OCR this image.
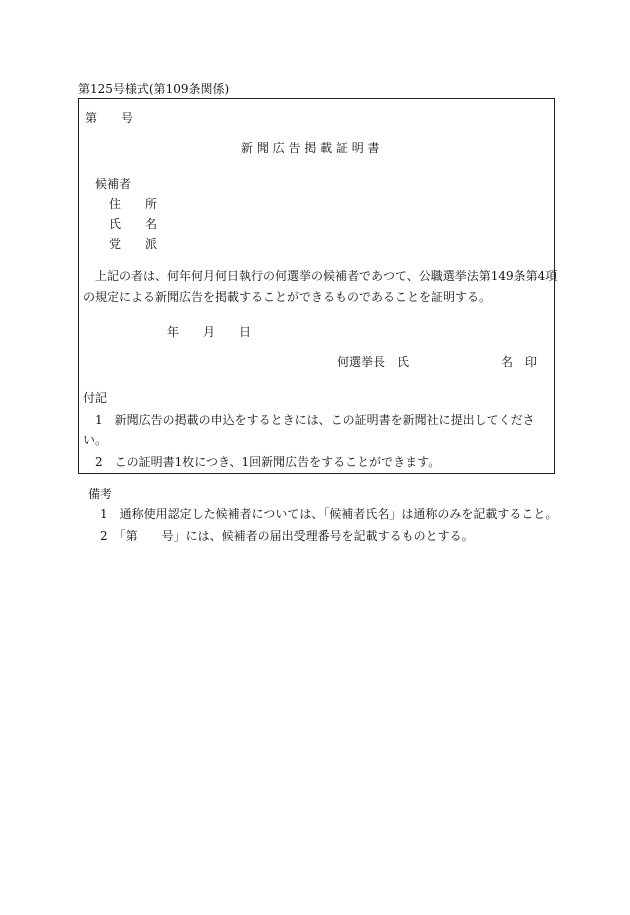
第125号様式(第109条関係)
第　　号
新 聞 広 告 掲 載 証 明 書
候補者
住　　所
氏　　名
党　　派
上記の者は、何年何月何日執行の何選挙の候補者であつて、公職選挙法第149条第4項
の規定による新聞広告を掲載することができるものであることを証明する。
年　　月　　日
何選挙長　氏	名　印
付記
1　新聞広告の掲載の申込をするときには、この証明書を新聞社に提出してくださ
い。
2　この証明書1枚につき、1回新聞広告をすることができます。
備考
1　通称使用認定した候補者については、「候補者氏名」は通称のみを記載すること。
2　「第　　号」には、候補者の届出受理番号を記載するものとする。
